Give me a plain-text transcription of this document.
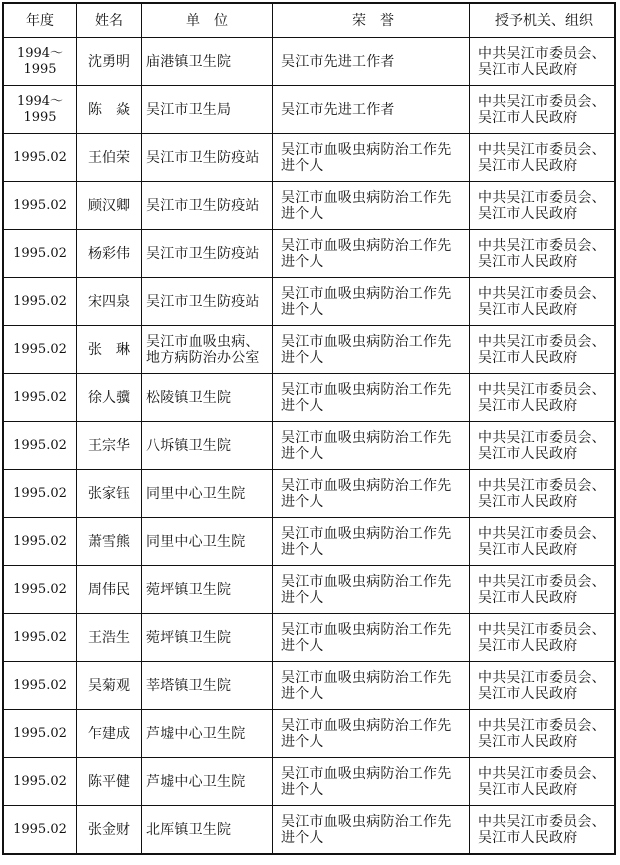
年度	姓名	单　位	荣　誉	授予机关、组织
1994～1995	沈勇明	庙港镇卫生院	吴江市先进工作者	中共吴江市委员会、吴江市人民政府
1994～1995	陈　焱	吴江市卫生局	吴江市先进工作者	中共吴江市委员会、吴江市人民政府
1995.02	王伯荣	吴江市卫生防疫站	吴江市血吸虫病防治工作先进个人	中共吴江市委员会、吴江市人民政府
1995.02	顾汉卿	吴江市卫生防疫站	吴江市血吸虫病防治工作先进个人	中共吴江市委员会、吴江市人民政府
1995.02	杨彩伟	吴江市卫生防疫站	吴江市血吸虫病防治工作先进个人	中共吴江市委员会、吴江市人民政府
1995.02	宋四泉	吴江市卫生防疫站	吴江市血吸虫病防治工作先进个人	中共吴江市委员会、吴江市人民政府
1995.02	张　琳	吴江市血吸虫病、地方病防治办公室	吴江市血吸虫病防治工作先进个人	中共吴江市委员会、吴江市人民政府
1995.02	徐人骥	松陵镇卫生院	吴江市血吸虫病防治工作先进个人	中共吴江市委员会、吴江市人民政府
1995.02	王宗华	八坼镇卫生院	吴江市血吸虫病防治工作先进个人	中共吴江市委员会、吴江市人民政府
1995.02	张家钰	同里中心卫生院	吴江市血吸虫病防治工作先进个人	中共吴江市委员会、吴江市人民政府
1995.02	萧雪熊	同里中心卫生院	吴江市血吸虫病防治工作先进个人	中共吴江市委员会、吴江市人民政府
1995.02	周伟民	菀坪镇卫生院	吴江市血吸虫病防治工作先进个人	中共吴江市委员会、吴江市人民政府
1995.02	王浩生	菀坪镇卫生院	吴江市血吸虫病防治工作先进个人	中共吴江市委员会、吴江市人民政府
1995.02	吴菊观	莘塔镇卫生院	吴江市血吸虫病防治工作先进个人	中共吴江市委员会、吴江市人民政府
1995.02	乍建成	芦墟中心卫生院	吴江市血吸虫病防治工作先进个人	中共吴江市委员会、吴江市人民政府
1995.02	陈平健	芦墟中心卫生院	吴江市血吸虫病防治工作先进个人	中共吴江市委员会、吴江市人民政府
1995.02	张金财	北厍镇卫生院	吴江市血吸虫病防治工作先进个人	中共吴江市委员会、吴江市人民政府
